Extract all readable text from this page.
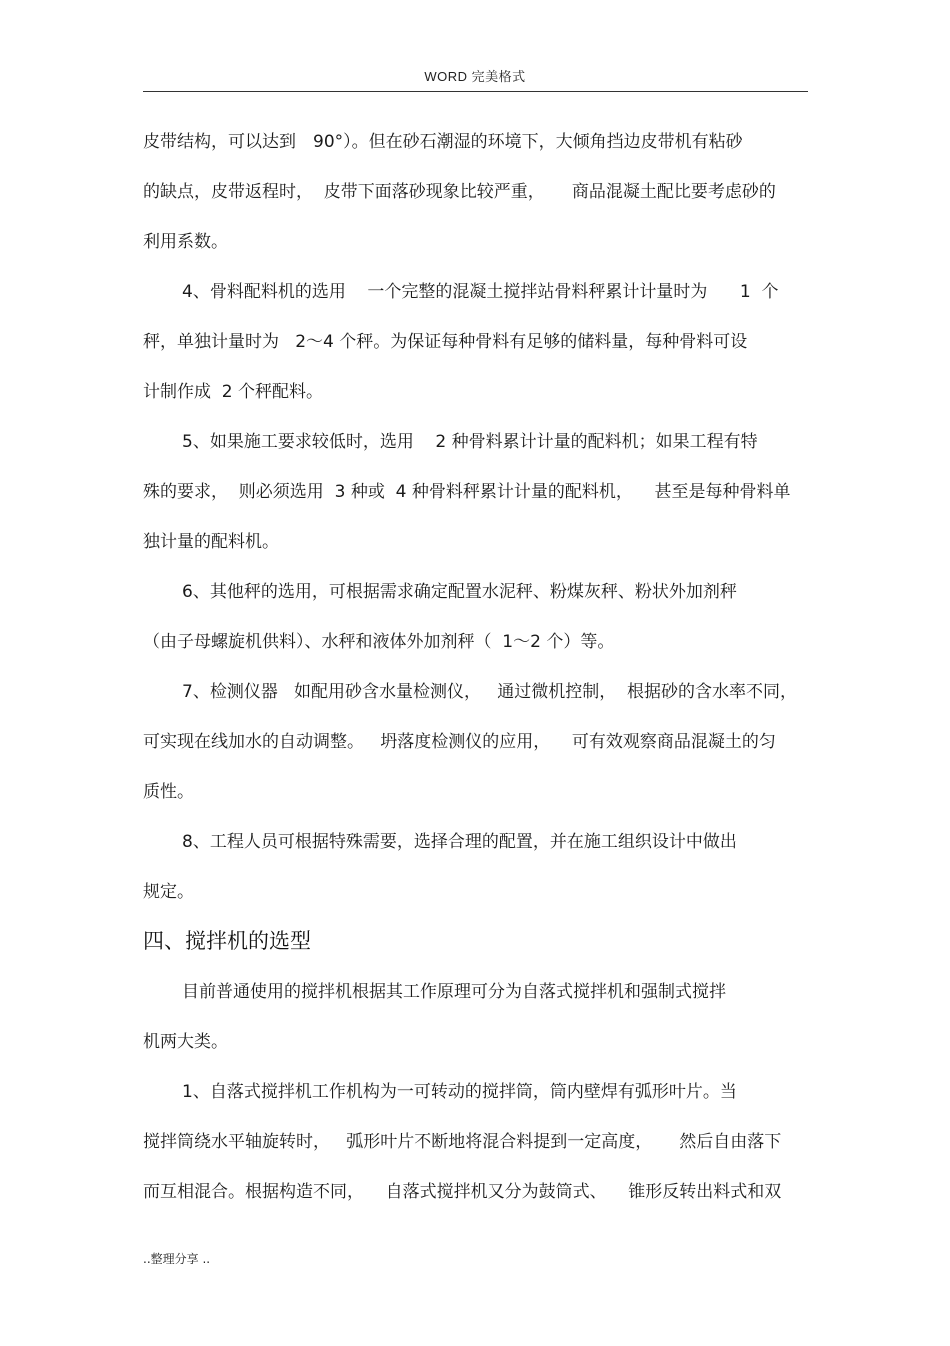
WORD 完美格式
皮带结构，可以达到　90°）。但在砂石潮湿的环境下，大倾角挡边皮带机有粘砂
的缺点，皮带返程时，  皮带下面落砂现象比较严重，     商品混凝土配比要考虑砂的
利用系数。
4、骨料配料机的选用    一个完整的混凝土搅拌站骨料秤累计计量时为      1  个
秤，单独计量时为   2～4 个秤。为保证每种骨料有足够的储料量，每种骨料可设
计制作成  2 个秤配料。
5、如果施工要求较低时，选用    2 种骨料累计计量的配料机；如果工程有特
殊的要求，  则必须选用  3 种或  4 种骨料秤累计计量的配料机，    甚至是每种骨料单
独计量的配料机。
6、其他秤的选用，可根据需求确定配置水泥秤、粉煤灰秤、粉状外加剂秤
（由子母螺旋机供料）、水秤和液体外加剂秤（  1～2 个）等。
7、检测仪器   如配用砂含水量检测仪，   通过微机控制，  根据砂的含水率不同，
可实现在线加水的自动调整。   坍落度检测仪的应用，    可有效观察商品混凝土的匀
质性。
8、工程人员可根据特殊需要，选择合理的配置，并在施工组织设计中做出
规定。
四、搅拌机的选型
目前普通使用的搅拌机根据其工作原理可分为自落式搅拌机和强制式搅拌
机两大类。
1、自落式搅拌机工作机构为一可转动的搅拌筒，筒内壁焊有弧形叶片。当
搅拌筒绕水平轴旋转时，   弧形叶片不断地将混合料提到一定高度，     然后自由落下
而互相混合。根据构造不同，    自落式搅拌机又分为鼓筒式、    锥形反转出料式和双
..整理分享 ..
